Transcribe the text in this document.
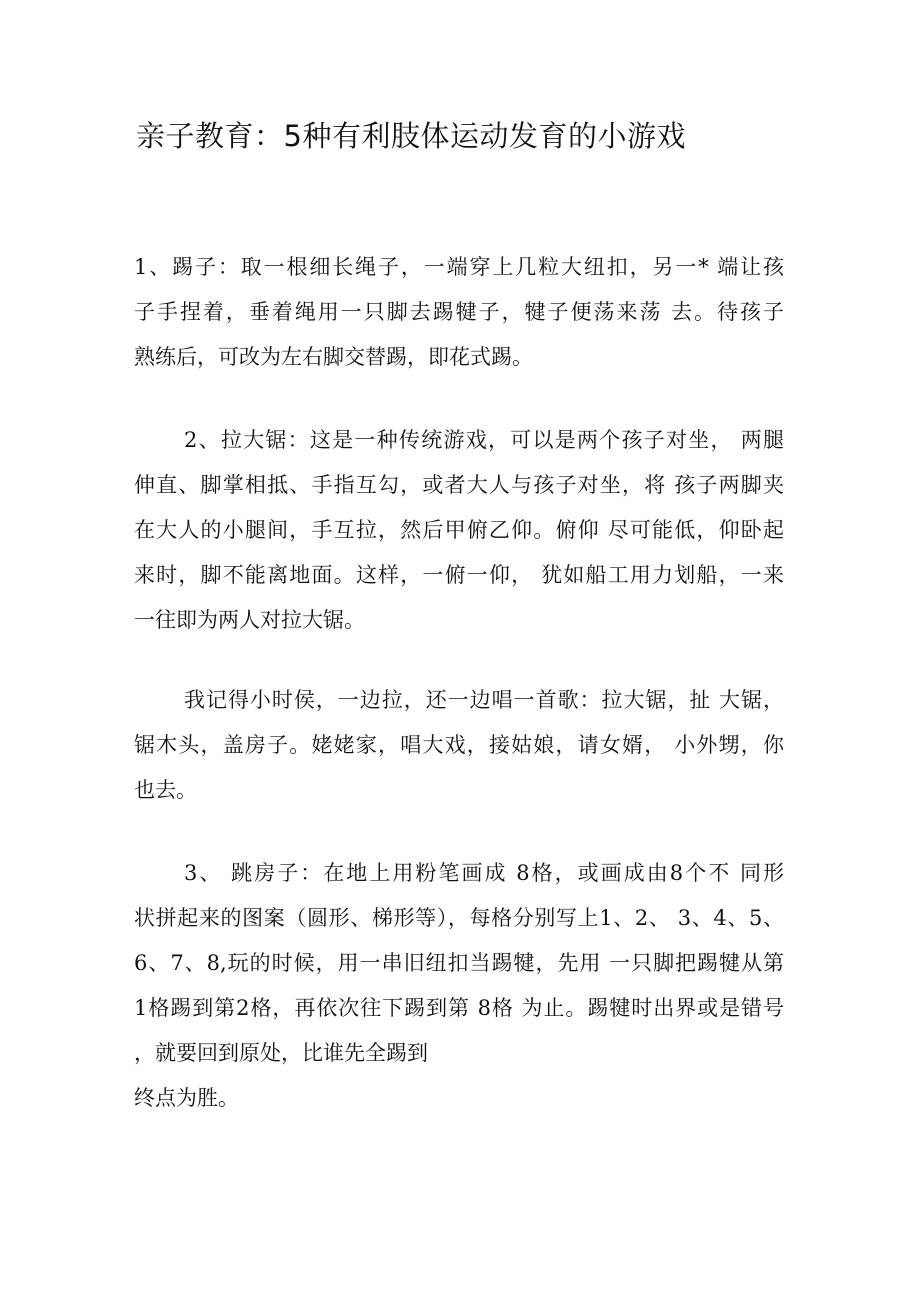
亲子教育：5种有利肢体运动发育的小游戏
1、踢子：取一根细长绳子，一端穿上几粒大纽扣，另一* 端让孩
子手捏着，垂着绳用一只脚去踢犍子，犍子便荡来荡 去。待孩子
熟练后，可改为左右脚交替踢，即花式踢。
2、拉大锯：这是一种传统游戏，可以是两个孩子对坐， 两腿
伸直、脚掌相抵、手指互勾，或者大人与孩子对坐，将 孩子两脚夹
在大人的小腿间，手互拉，然后甲俯乙仰。俯仰 尽可能低，仰卧起
来时，脚不能离地面。这样，一俯一仰， 犹如船工用力划船，一来
一往即为两人对拉大锯。
我记得小时侯，一边拉，还一边唱一首歌：拉大锯，扯 大锯，
锯木头，盖房子。姥姥家，唱大戏，接姑娘，请女婿， 小外甥，你
也去。
3、 跳房子：在地上用粉笔画成 8格，或画成由8个不 同形
状拼起来的图案（圆形、梯形等），每格分别写上1、2、 3、4、5、
6、7、8,玩的时候，用一串旧纽扣当踢犍，先用 一只脚把踢犍从第
1格踢到第2格，再依次往下踢到第 8格 为止。踢犍时出界或是错号
，就要回到原处，比谁先全踢到
终点为胜。
